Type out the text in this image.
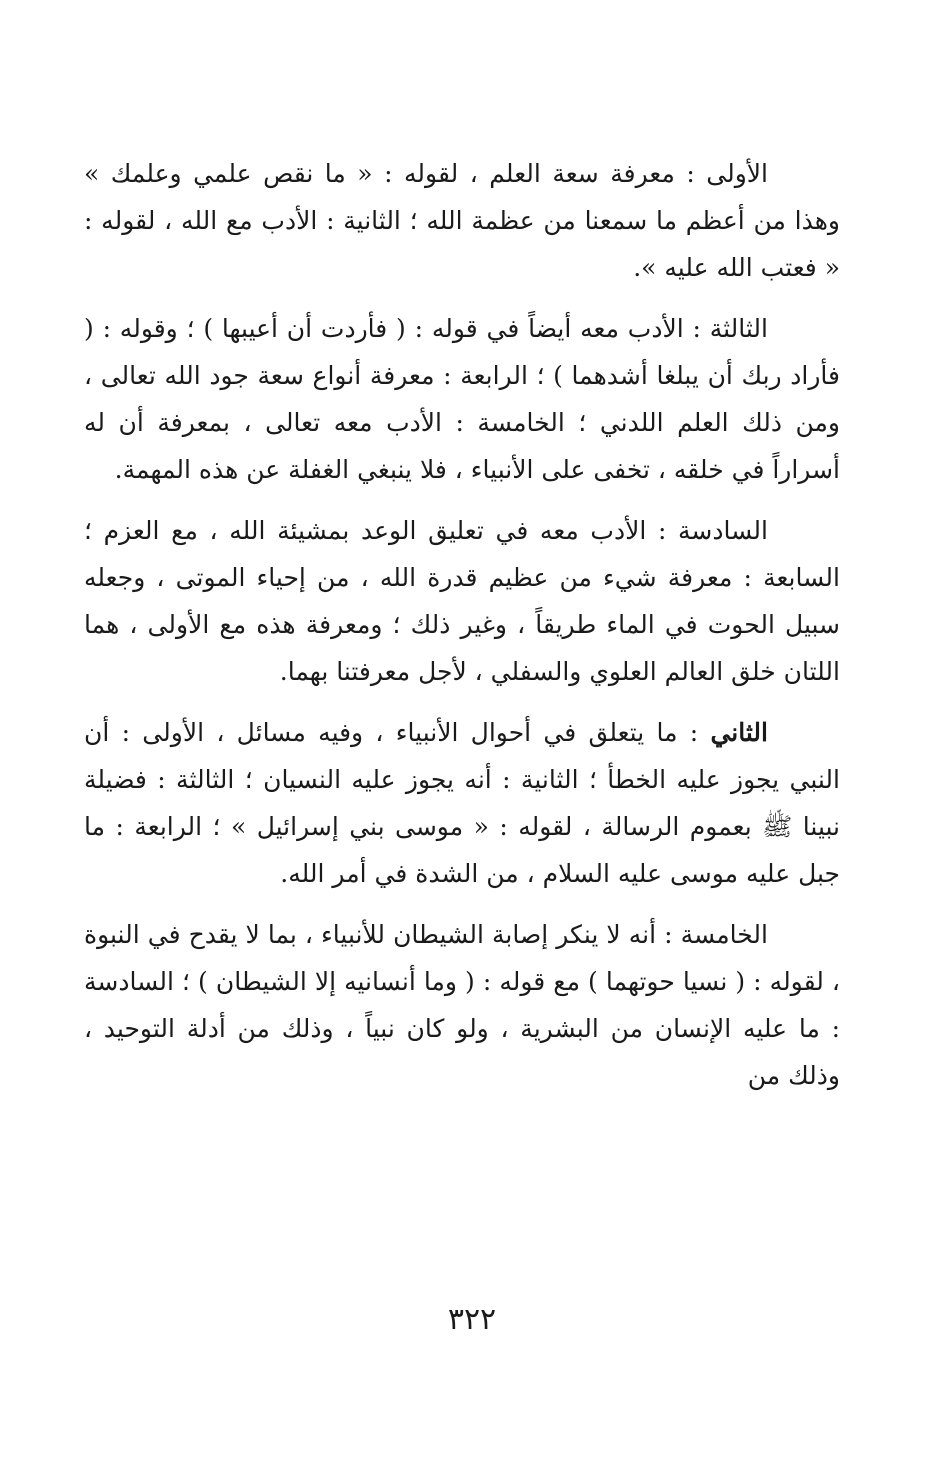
الأولى : معرفة سعة العلم ، لقوله : « ما نقص علمي وعلمك » وهذا من أعظم ما سمعنا من عظمة الله ؛ الثانية : الأدب مع الله ، لقوله : « فعتب الله عليه ».

الثالثة : الأدب معه أيضاً في قوله : ( فأردت أن أعيبها ) ؛ وقوله : ( فأراد ربك أن يبلغا أشدهما ) ؛ الرابعة : معرفة أنواع سعة جود الله تعالى ، ومن ذلك العلم اللدني ؛ الخامسة : الأدب معه تعالى ، بمعرفة أن له أسراراً في خلقه ، تخفى على الأنبياء ، فلا ينبغي الغفلة عن هذه المهمة.

السادسة : الأدب معه في تعليق الوعد بمشيئة الله ، مع العزم ؛ السابعة : معرفة شيء من عظيم قدرة الله ، من إحياء الموتى ، وجعله سبيل الحوت في الماء طريقاً ، وغير ذلك ؛ ومعرفة هذه مع الأولى ، هما اللتان خلق العالم العلوي والسفلي ، لأجل معرفتنا بهما.

الثاني : ما يتعلق في أحوال الأنبياء ، وفيه مسائل ، الأولى : أن النبي يجوز عليه الخطأ ؛ الثانية : أنه يجوز عليه النسيان ؛ الثالثة : فضيلة نبينا ﷺ بعموم الرسالة ، لقوله : « موسى بني إسرائيل » ؛ الرابعة : ما جبل عليه موسى عليه السلام ، من الشدة في أمر الله.

الخامسة : أنه لا ينكر إصابة الشيطان للأنبياء ، بما لا يقدح في النبوة ، لقوله : ( نسيا حوتهما ) مع قوله : ( وما أنسانيه إلا الشيطان ) ؛ السادسة : ما عليه الإنسان من البشرية ، ولو كان نبياً ، وذلك من أدلة التوحيد ، وذلك من

٣٢٢
